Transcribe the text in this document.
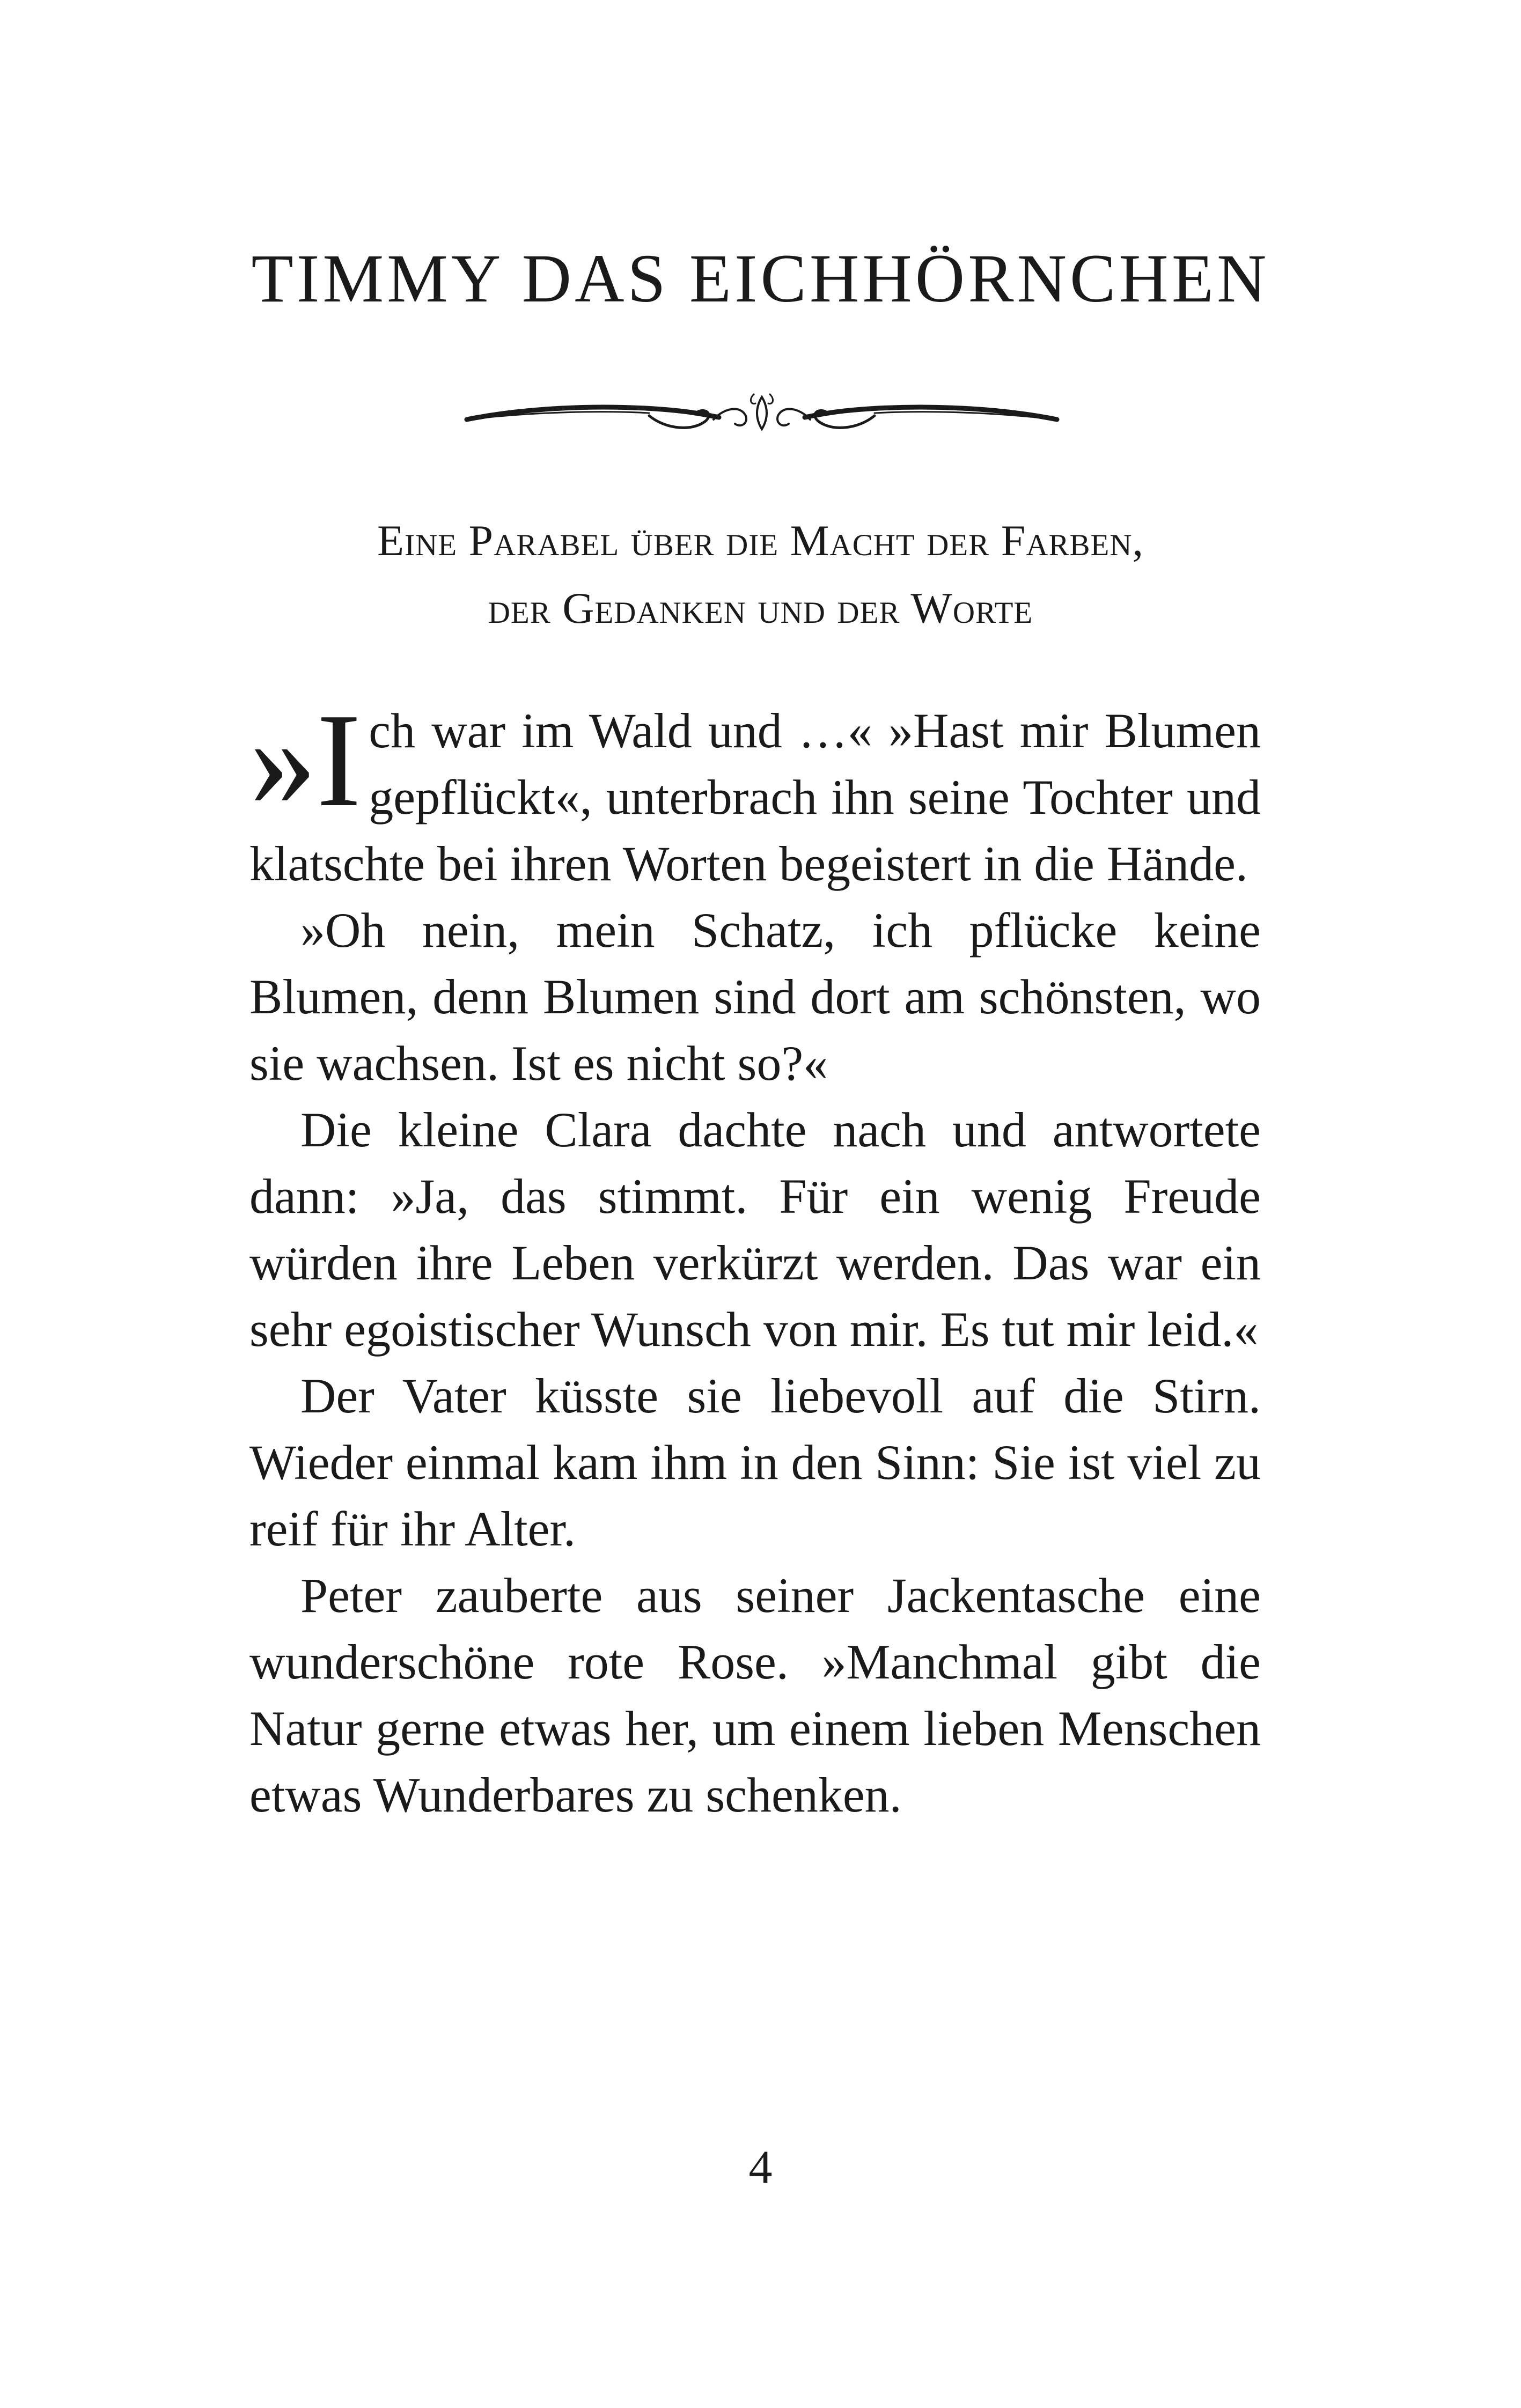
TIMMY DAS EICHHÖRNCHEN
Eine Parabel über die Macht der Farben,
der Gedanken und der Worte

»I ch war im Wald und …« »Hast mir Blumen gepflückt«, unterbrach ihn seine Tochter und klatschte bei ihren Worten begeistert in die Hände.

»Oh nein, mein Schatz, ich pflücke keine Blumen, denn Blumen sind dort am schönsten, wo sie wachsen. Ist es nicht so?«

Die kleine Clara dachte nach und antwortete dann: »Ja, das stimmt. Für ein wenig Freude würden ihre Leben verkürzt werden. Das war ein sehr egoistischer Wunsch von mir. Es tut mir leid.«

Der Vater küsste sie liebevoll auf die Stirn. Wieder einmal kam ihm in den Sinn: Sie ist viel zu reif für ihr Alter.

Peter zauberte aus seiner Jackentasche eine wunderschöne rote Rose. »Manchmal gibt die Natur gerne etwas her, um einem lieben Menschen etwas Wunderbares zu schenken.

4
